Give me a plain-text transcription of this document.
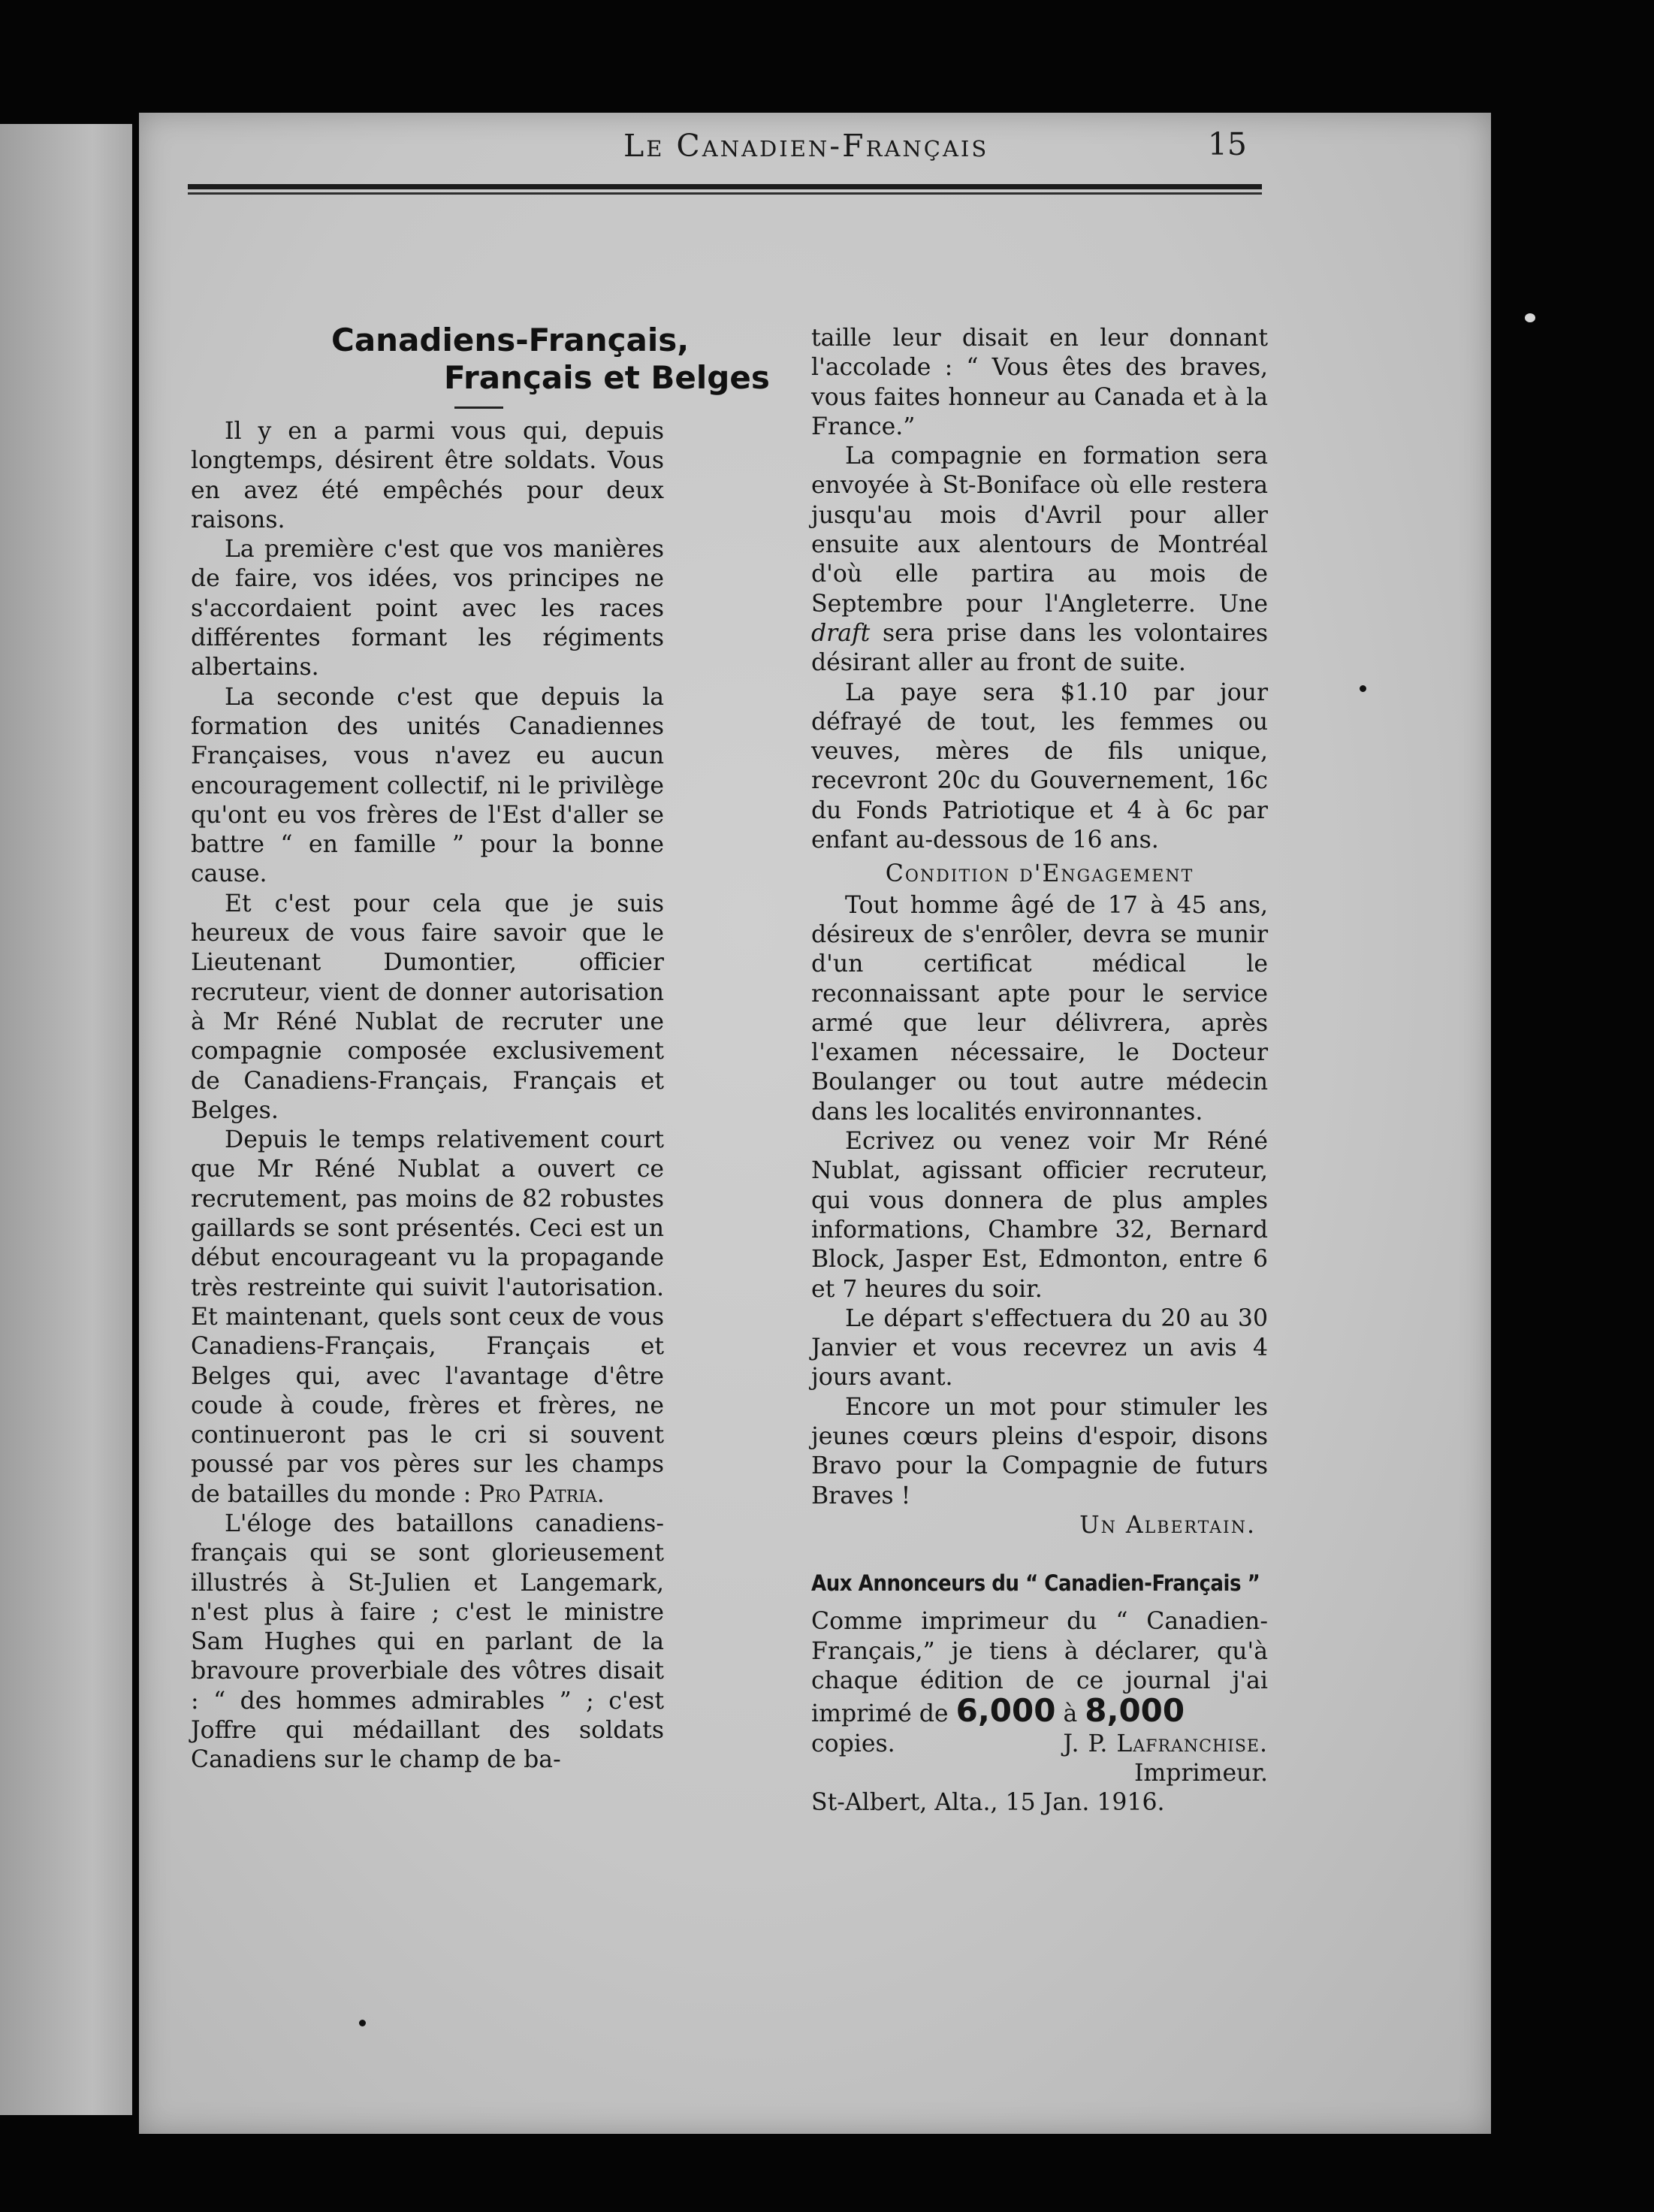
Le Canadien-Français	15
Canadiens-Français,
Français et Belges

Il y en a parmi vous qui, depuis longtemps, désirent être soldats. Vous en avez été empêchés pour deux raisons.

La première c'est que vos manières de faire, vos idées, vos principes ne s'accordaient point avec les races différentes formant les régiments albertains.

La seconde c'est que depuis la formation des unités Canadiennes Françaises, vous n'avez eu aucun encouragement collectif, ni le privilège qu'ont eu vos frères de l'Est d'aller se battre “ en famille ” pour la bonne cause.

Et c'est pour cela que je suis heureux de vous faire savoir que le Lieutenant Dumontier, officier recruteur, vient de donner autorisation à Mr Réné Nublat de recruter une compagnie composée exclusivement de Canadiens-Français, Français et Belges.

Depuis le temps relativement court que Mr Réné Nublat a ouvert ce recrutement, pas moins de 82 robustes gaillards se sont présentés. Ceci est un début encourageant vu la propagande très restreinte qui suivit l'autorisation. Et maintenant, quels sont ceux de vous Canadiens-Français, Français et Belges qui, avec l'avantage d'être coude à coude, frères et frères, ne continueront pas le cri si souvent poussé par vos pères sur les champs de batailles du monde : Pro Patria.

L'éloge des bataillons canadiens-français qui se sont glorieusement illustrés à St-Julien et Langemark, n'est plus à faire ; c'est le ministre Sam Hughes qui en parlant de la bravoure proverbiale des vôtres disait : “ des hommes admirables ” ; c'est Joffre qui médaillant des soldats Canadiens sur le champ de ba-

taille leur disait en leur donnant l'accolade : “ Vous êtes des braves, vous faites honneur au Canada et à la France.”

La compagnie en formation sera envoyée à St-Boniface où elle restera jusqu'au mois d'Avril pour aller ensuite aux alentours de Montréal d'où elle partira au mois de Septembre pour l'Angleterre. Une draft sera prise dans les volontaires désirant aller au front de suite.

La paye sera $1.10 par jour défrayé de tout, les femmes ou veuves, mères de fils unique, recevront 20c du Gouvernement, 16c du Fonds Patriotique et 4 à 6c par enfant au-dessous de 16 ans.

Condition d'Engagement

Tout homme âgé de 17 à 45 ans, désireux de s'enrôler, devra se munir d'un certificat médical le reconnaissant apte pour le service armé que leur délivrera, après l'examen nécessaire, le Docteur Boulanger ou tout autre médecin dans les localités environnantes.

Ecrivez ou venez voir Mr Réné Nublat, agissant officier recruteur, qui vous donnera de plus amples informations, Chambre 32, Bernard Block, Jasper Est, Edmonton, entre 6 et 7 heures du soir.

Le départ s'effectuera du 20 au 30 Janvier et vous recevrez un avis 4 jours avant.

Encore un mot pour stimuler les jeunes cœurs pleins d'espoir, disons Bravo pour la Compagnie de futurs Braves !

Un Albertain.
Aux Annonceurs du “ Canadien-Français ”

Comme imprimeur du “ Canadien-Français,” je tiens à déclarer, qu'à chaque édition de ce journal j'ai imprimé de 6,000 à 8,000

copies.	J. P. Lafranchise.
Imprimeur.
St-Albert, Alta., 15 Jan. 1916.
